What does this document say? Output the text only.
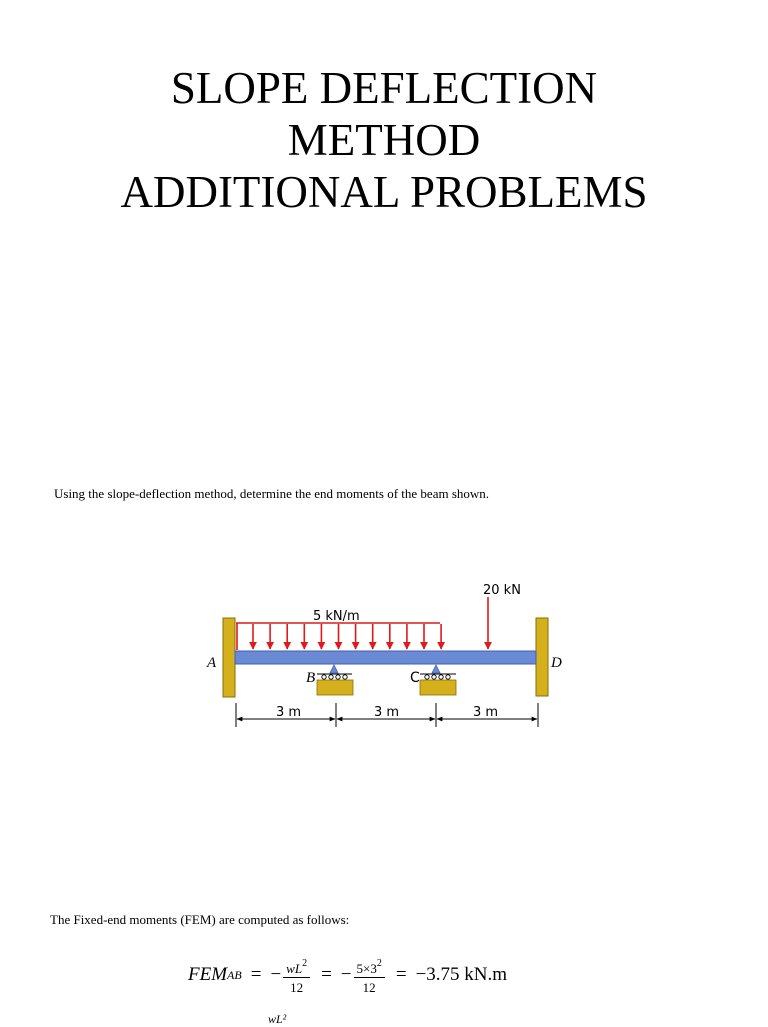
SLOPE DEFLECTION
METHOD
ADDITIONAL PROBLEMS
Using the slope-deflection method, determine the end moments of the beam shown.
5 kN/m
20 kN
A
B	C
D
3 m	3 m	3 m
The Fixed-end moments (FEM) are computed as follows:
FEM AB = − $\frac{wL^2}{12}$ = − $\frac{5\times 3^2}{12} = -3.75$ kN.m
wL²
